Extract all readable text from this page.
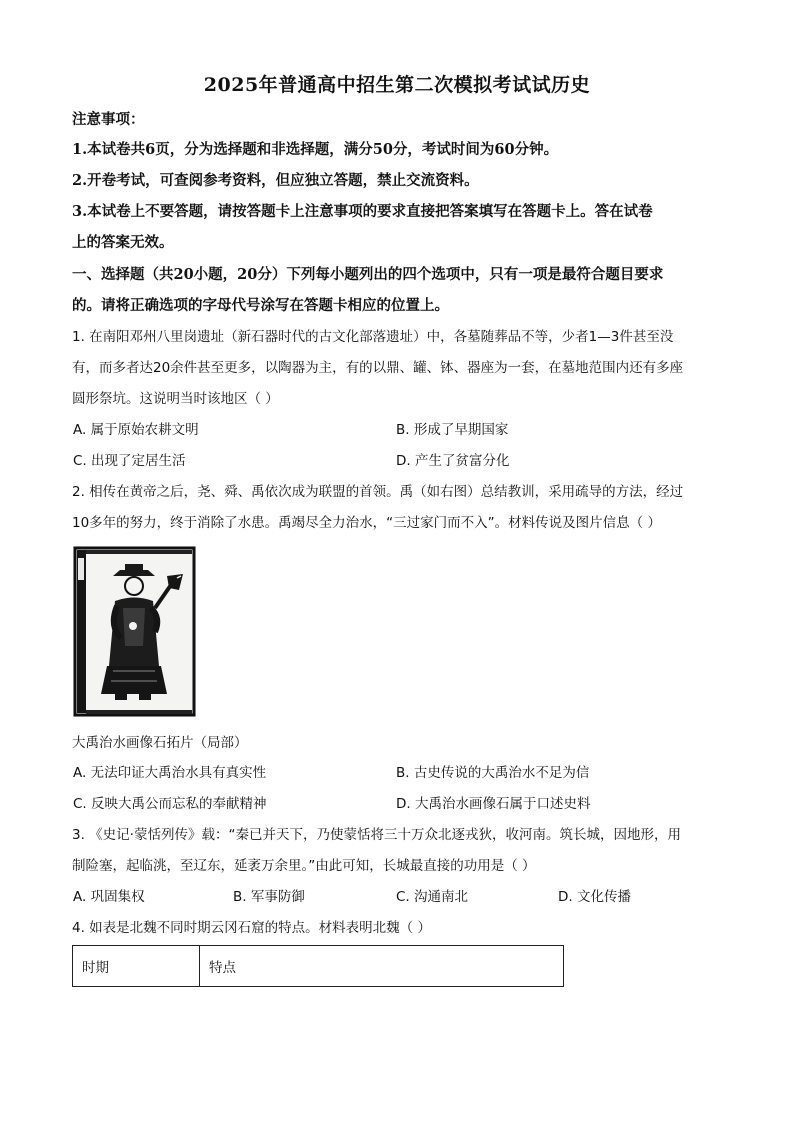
2025年普通高中招生第二次模拟考试试历史
注意事项：
1.本试卷共6页，分为选择题和非选择题，满分50分，考试时间为60分钟。
2.开卷考试，可查阅参考资料，但应独立答题，禁止交流资料。
3.本试卷上不要答题，请按答题卡上注意事项的要求直接把答案填写在答题卡上。答在试卷
上的答案无效。
一、选择题（共20小题，20分）下列每小题列出的四个选项中，只有一项是最符合题目要求
的。请将正确选项的字母代号涂写在答题卡相应的位置上。
1. 在南阳邓州八里岗遗址（新石器时代的古文化部落遗址）中，各墓随葬品不等，少者1—3件甚至没
有，而多者达20余件甚至更多，以陶器为主，有的以鼎、罐、钵、器座为一套，在墓地范围内还有多座
圆形祭坑。这说明当时该地区（ ）
A. 属于原始农耕文明	B. 形成了早期国家
C. 出现了定居生活	D. 产生了贫富分化
2. 相传在黄帝之后，尧、舜、禹依次成为联盟的首领。禹（如右图）总结教训，采用疏导的方法，经过
10多年的努力，终于消除了水患。禹竭尽全力治水，“三过家门而不入”。材料传说及图片信息（ ）
大禹治水画像石拓片（局部）
A. 无法印证大禹治水具有真实性	B. 古史传说的大禹治水不足为信
C. 反映大禹公而忘私的奉献精神	D. 大禹治水画像石属于口述史料
3. 《史记·蒙恬列传》载：“秦已并天下，乃使蒙恬将三十万众北逐戎狄，收河南。筑长城，因地形，用
制险塞，起临洮，至辽东，延袤万余里。”由此可知，长城最直接的功用是（ ）
A. 巩固集权	B. 军事防御	C. 沟通南北	D. 文化传播
4. 如表是北魏不同时期云冈石窟的特点。材料表明北魏（ ）
时期	特点
